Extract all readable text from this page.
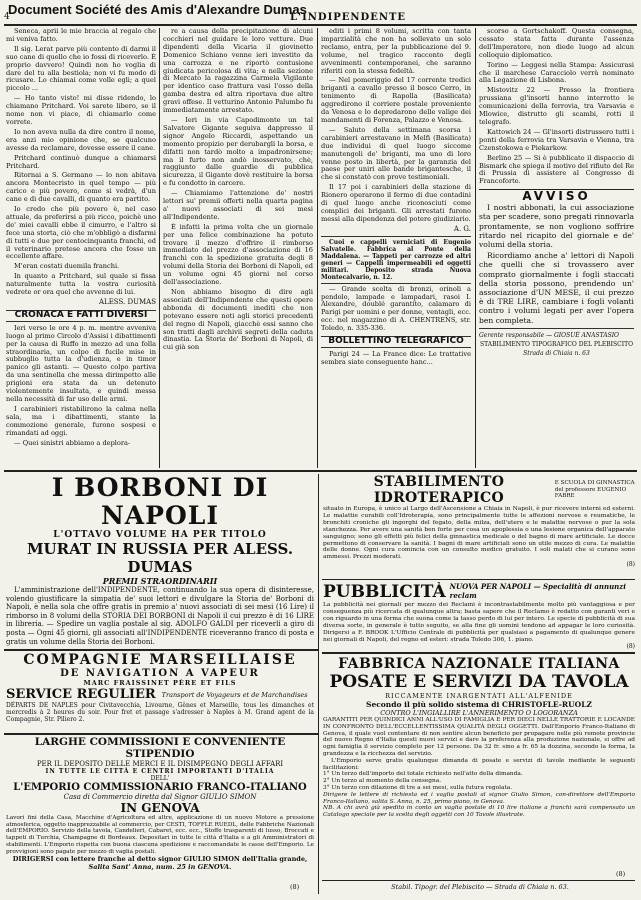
Document Société des Amis d'Alexandre Dumas
4	L'INDIPENDENTE

Seneca, aprii le mie braccia al regalo che mi veniva fatto.

Il sig. Lerat parve più contento di darmi il suo cane di quello che io fossi di riceverlo. È proprio davvero! Quindi non ho voglia di dare del tu alla bestiola; non vi fu modo di ricusare. Lo chiamai come volle egli; a quel piccolo ...

— Ho tanto visto! mi disse ridendo, lo chiamano Pritchard. Voi sarete libero, se il nome non vi piace, di chiamarlo come vorrete.

Io non aveva nulla da dire contro il nome, era anzi mio opinione che, se qualcuno avesse da reclamare, dovesse essere il cane.

Pritchard continuò dunque a chiamarsi Pritchard.

Ritornai a S. Germano — lo non abitava ancora Montecristo in quel tempo — più carico e più povero, come si vedrà, d'un cane e di due cavalli, di quanto era partito.

Io credo che più povero è, nel caso attuale, da preferirsi a più ricco, poichè uno de' miei cavalli ebbe il cimurro, e l'altro si fece una storta, ciò che m'obbligò a disfarmi di tutti e due per centocinquanta franchi, ed il veterinario pretese ancora che fosse un eccellente affare.

M'eran costati duemila franchi.

In quanto a Pritchard, sul quale si fissa naturalmente tutta la vostra curiosità vedrete or ora quel che avvenne di lui.

ALESS. DUMAS

CRONACA E FATTI DIVERSI

Ieri verso le ore 4 p. m. mentre avveniva luogo al primo Circolo d'Assisi i dibattimenti per la causa di Ruffo in mezzo ad una folla straordinaria, un colpo di fucile mise in subbuglio tutta la d'udienza, e in timor panico gli astanti. — Questo colpo partiva da una sentinella che messa dirimpetto alle prigioni era stata da un detenuto violentemente insultata, e quindi messa nella necessità di far uso delle armi.

I carabinieri ristabilirono la calma nella sala, ma i dibattimenti, stante la commozione generale, furono sospesi e rimandati ad oggi.

— Quei sinistri abbiamo a deplora-

re a causa della precipitazione di alcuni cocchieri nel guidare le loro vetture. Due dipendenti della Vicaria il giovinetto Domenico Schiano venne ieri investito da una carrozza e ne riportò contusione giudicata pericolosa di vita; e nella sezione di Mercato la ragazzina Carmela Vigilante per identico caso frattura vasi l'osso della gamba destra ed altra riportava due altre gravi offese. Il vetturino Antonio Palumbo fu immediatamente arrestato.

— Ieri in via Capodimonte un tal Salvatore Gigante seguiva dappresso il signor Angelo Riccardi, aspettando un momento propizio per derubargli la borsa, e difatti non tardò molto a impadronirsene; ma il furto non andò inosservato, chè, raggiunto dalle guardie di pubblica sicurezza, il Gigante dovè restituire la borsa e fu condotto in carcere.

— Chiamiamo l'attenzione de' nostri lettori su' premii offerti nella quarta pagina a' nuovi associati di sei mesi all'Indipendente.

È infatti la prima volta che un giornale per una felice combinazione ha potuto trovare il mezzo d'offrire il rimborso immediato del prezzo d'associazione di 16 franchi con la spedizione gratuita degli 8 volumi della Storia dei Borboni di Napoli, ed un volume ogni 45 giorni nel corso dell'associazione.

Non abbiamo bisogno di dire agli associati dell'Indipendente che questi opere abbonda di documenti inediti che non potevano essere noti agli storici precedenti del regno di Napoli, giacchè essi sanno che son tratti dagli archivii segreti della caduta dinastia. La Storia de' Borboni di Napoli, di cui già son

editi i primi 8 volumi, scritta con tanta imparzialità che non ha sollevato un solo reclamo, entra, per la pubblicazione del 9. volume, nel tragico racconto degli avvenimenti contemporanei, che saranno riferiti con la stessa fedeltà.

— Nel pomeriggio del 17 corrente tredici briganti a cavallo presso il bosco Cerro, in tenimento di Rapolla (Basilicata) aggredirono il corriere postale proveniente da Venosa e lo depredarono delle valige dei mandamenti di Forenza, Palazzo e Venosa.

— Saluto della settimana scorsa i carabinieri arrestavano in Melfi (Basilicata) due individui di quel luogo siccome manutengoli de' briganti, ma uno di loro venne posto in libertà, per la garanzia del paese per uniri alle bande brigantesche, il che si constatò con prove testimoniali.

Il 17 poi i carabinieri della stazione di Rionero operarono il fermo di due contadini di quel luogo anche riconosciuti come complici dei briganti. Gli arrestati furono messi alla dipendenza del potere giudiziario.

A. G.

Cuoi e cappelli verniciati di Eugenio Salvatelle. Fabbrica al Ponte della Maddalena. — Tappeti per carrozze ed altri generi — Cappelli impermeabili ed oggetti militari. Deposito strada Nuova Montecalvario, n. 12.

— Grande scelta di bronzi, orinoli a pendolo, lampade e lampadari, rasoi I. Alexandre, doublé garantito, calamaro di Parigi per uomini e per donne, ventagli, ecc. ecc. nel magazzino di A. CHENTRENS, str. Toledo, n. 335-336.

BOLLETTINO TELEGRAFICO

Parigi 24 — La France dice: Le trattative sembra siate conseguente hanc...

scorso a Gortschakoff. Questa consegna, cessato stata fatta durante l'assenza dell'Imperatore, non diede luogo ad alcun colloquio diplomatico.

Torino — Leggesi nella Stampa: Assicurasi che il marchese Caracciolo verrà nominato alla Legazione di Lisbona.

Mistovitz 22 — Presso la frontiera prussiana gl'insorti hanno interrotto le comunicazioni della ferrovia, tra Varsavia e Mlowice, distrutto gli scambi, rotti il telegrafo.

Kattowich 24 — Gl'insorti distrussero tutti i ponti della ferrovia tra Varsavia e Vienna, tra Czenstokowa e Piekarkow.

Berlino 25 — Si è pubblicato il dispaccio di Bismark che spiega il motivo del rifiuto del Re di Prussia di assistere al Congresso di Francoforte.

AVVISO

I nostri abbonati, la cui associazione sta per scadere, sono pregati rinnovarla prontamente, se non vogliono soffrire ritardo nel ricapito del giornale e de' volumi della storia.

Ricordiamo anche a' lettori di Napoli che quelli che si trovassero aver comprato giornalmente i fogli staccati della storia possono, prendendo un' associazione d'UN MESE, il cui prezzo è di TRE LIRE, cambiare i fogli volanti contro i volumi legati per aver l'opera ben completa.

Gerente responsabile — GIOSUÈ ANASTASIO

STABILIMENTO TIPOGRAFICO DEL PLEBISCITO

Strada di Chiaia n. 63

I BORBONI DI NAPOLI
L'OTTAVO VOLUME HA PER TITOLO
MURAT IN RUSSIA PER ALESS. DUMAS
PREMII STRAORDINARII

L'amministrazione dell'INDIPENDENTE, continuando la sua opera di disinteresse, volendo giustificare la simpatia de' suoi lettori e divulgare la Storia de' Borboni di Napoli, è nella sola che offre gratis in premio a' nuovi associati di sei mesi (16 Lire) il rimborso in 8 volumi della STORIA DEI BORBONI di Napoli il cui prezzo è di 16 LIRE in libreria. — Spedire un vaglia postale al sig. ADOLFO GALDI per riceverli a giro di posta — Ogni 45 giorni, gli associati all'INDIPENDENTE riceveranno franco di posta e gratis un volume della Storia dei Borboni.

STABILIMENTO IDROTERAPICO
E SCUOLA DI GINNASTICA del professore EUGENIO FABRE

situato in Europa, è unico al Largo dell'Ascensione a Chiaia in Napoli, è pur ricevere interni ed esterni. Le malattie curabili coll'Idroterapia, sono principalmente tutte le affezioni nervose e reumatiche, le bronchiti croniche gli ingorghi del fegato, della milza, dell'utero e le malattie nervose o pur la sola stanchezza. Per avere una sanità ben forte per cosa un apoplessia o una lesione organica dell'apparato sanguigno; sono gli effetti più felici della ginnastica medicale o del bagno di mare artificiale. Le docce permettono di conservare la sanità. I bagni di mare artificiali sono un utile mezzo di cura. Le malattie delle donne. Ogni cura comincia con un consulto medico gratuito. I soli malati che si curano sono ammessi. Prezzi moderati.

(8)
PUBBLICITÀ NUOVA PER NAPOLI — Specialità di annunzi reclam

La pubblicità nei giornali per mezzo dei Reclami è incontrastabilmente molto più vantaggiosa e per conseguenza più ricercata di qualunque altra; basta sapere che il Reclamo è redatto con garanti veri e con riguardo in una forma che suona come la tasso perdo di lui per intero. Le specie di pubblicità di sua diversa sorte, in generale è tutto seguito, se alla fine gli uomini tendono ad appagar le loro curiosità. Dirigersi a F. BROOK L'Ufficio Centrale di pubblicità per qualsiasi a pagamento di qualunque genere nei giornali di Napoli, del regno ed esteri: strada Toledo 306, 1. piano.

(8)
COMPAGNIE MARSEILLAISE
DE NAVIGATION A VAPEUR
MARC FRAISSINET PÈRE ET FILS
SERVICE REGULIER Transport de Voyageurs et de Marchandises

DÉPARTS DE NAPLES pour Civitavecchia, Livourne, Gênes et Marseille, tous les dimanches et mercredis à 2 heures du soir. Pour fret et passage s'adresser à Naples à M. Grand agent de la Compagnie, Str. Piliero 2.

LARGHE COMMISSIONI E CONVENIENTE STIPENDIO
PER IL DEPOSITO DELLE MERCI E IL DISIMPEGNO DEGLI AFFARI
IN TUTTE LE CITTÀ E CENTRI IMPORTANTI D'ITALIA
DELL'
L'EMPORIO COMMISSIONARIO FRANCO-ITALIANO
Casa di Commercio diretta dal Signor GIULIO SIMON
IN GENOVA

Lavori fini della Casa, Macchine d'Agricoltura ed altre, applicazione di un nuovo Motore a pressione atmosferica, oggetto inapprezzabile al commercio, per CESTI, TOFFLE RUEDL, delle Fabbriche Nazionali dell'EMPORIO. Servizio della tavola, Candelieri, Cabaret, ecc. ecc., Stoffe trasparenti di lusso, Broccati e tappeti di Turchia, Champagne di Bordeaux. Depositari in tutte le città d'Italia e a gli Amministratori di stabilimenti. L'Emporio rispetta con buona ciascuna spedizione e raccomandate le casse dell'Emporio. Le provvigioni sono pagate per mezzo di vaglia postali.

DIRIGERSI con lettere franche al detto signor GIULIO SIMON dell'Italia grande,
Salita Sant' Anna, num. 25 in GENOVA.
FABBRICA NAZIONALE ITALIANA
POSATE E SERVIZI DA TAVOLA
RICCAMENTE INARGENTATI ALL'ALFENIDE
Secondo il più solido sistema di CHRISTOFLE-RUOLZ
CONTRO L'INGIALLIRE L'ANNERIMENTO O LOGORANZA

GARANTITI PER QUINDICI ANNI ALL'USO DI FAMIGLIA E PER DIECI NELLE TRATTORIE E LOCANDE IN CONFRONTO DELL'ECCELLENTISSIMA QUALITÀ DEGLI OGGETTI. Dall'Emporio Franco-Italiano di Genova, il quale vuol contentare di non sentire alcun beneficio per propagare nelle più remote provincie del nuovo Regno d'Italia questi nuovi servizi e dare la preferenza alla produzione nazionale, si offre ad ogni famiglia il servizio completo per 12 persone. Da 32 fr. sino a fr. 65 la dozzina, secondo la forma, la grandezza e la ricchezza del servizio.

L'Emporio serve gratis qualunque dimanda di posate e servizi di tavole mediante le seguenti facilitazioni:

1° Un terzo dell'importo del totale richiesto nell'atto della dimanda.

2° Un terzo al momento della consegna.

3° Un terzo con dilazione di tre a sei mesi, sulla futura regolata.

Dirigere le lettere di richiesta ed i vaglia postali al signor Giulio Simon, con-direttore dell'Emporio Franco-Italiano, salita S. Anna, n. 25, primo piano, in Genova.

NB. A chi avrà già spedito in conto un vaglia postale di 10 lire italiane a franchi sarà compensato un Catalogo speciale per la scelta degli oggetti con 10 Tavole illustrate.

Stabil. Tipogr. del Plebiscito — Strada di Chiaia n. 63.
(8)
(8)
